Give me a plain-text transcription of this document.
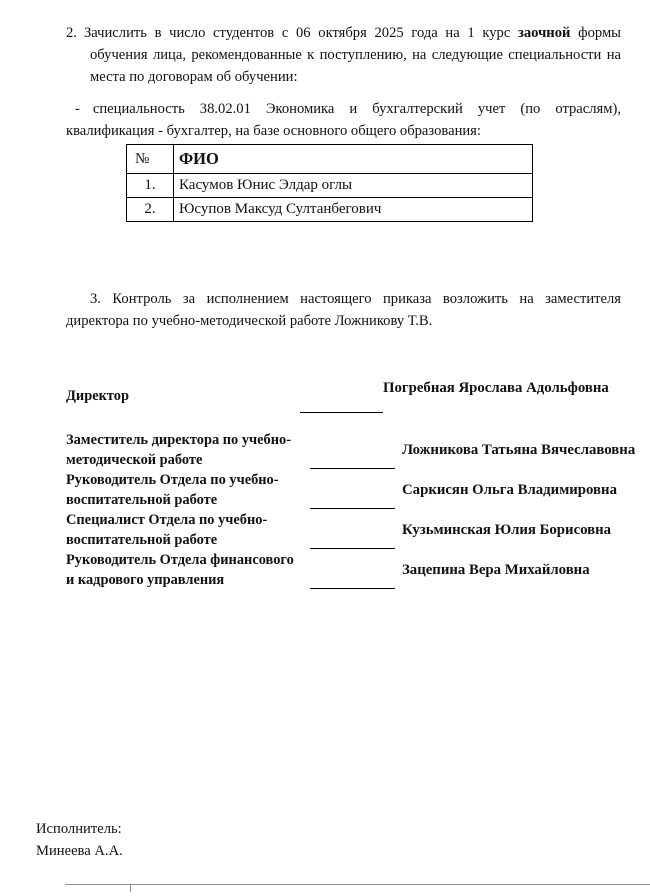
2. Зачислить в число студентов с 06 октября 2025 года на 1 курс заочной формы обучения лица, рекомендованные к поступлению, на следующие специальности на места по договорам об обучении:
- специальность 38.02.01 Экономика и бухгалтерский учет (по отраслям), квалификация - бухгалтер, на базе основного общего образования:
№	ФИО
1.	Касумов Юнис Элдар оглы
2.	Юсупов Максуд Султанбегович
3. Контроль за исполнением настоящего приказа возложить на заместителя директора по учебно-методической работе Ложникову Т.В.
Директор	Погребная Ярослава Адольфовна
Заместитель директора по учебно-методической работе
Ложникова Татьяна Вячеславовна
Руководитель Отдела по учебно-воспитательной работе
Саркисян Ольга Владимировна
Специалист Отдела по учебно-воспитательной работе
Кузьминская Юлия Борисовна
Руководитель Отдела финансового и кадрового управления
Зацепина Вера Михайловна
Исполнитель:
Минеева А.А.
